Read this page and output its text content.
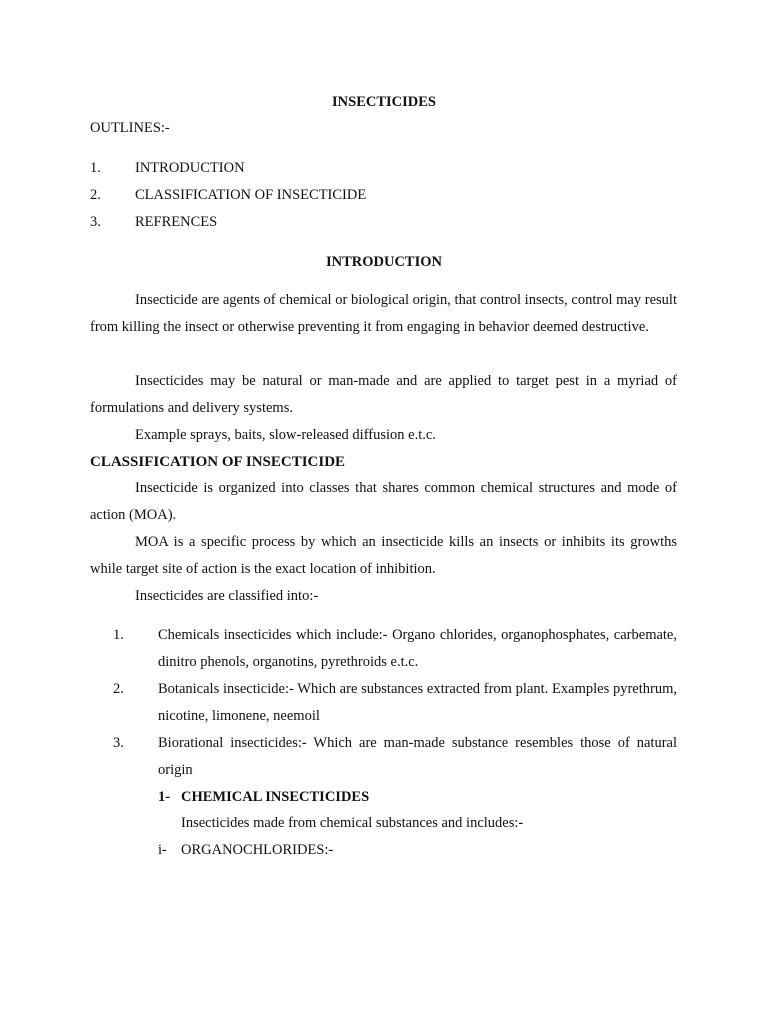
INSECTICIDES
OUTLINES:-
1. INTRODUCTION
2. CLASSIFICATION OF INSECTICIDE
3. REFRENCES
INTRODUCTION

Insecticide are agents of chemical or biological origin, that control insects, control may result from killing the insect or otherwise preventing it from engaging in behavior deemed destructive.

Insecticides may be natural or man-made and are applied to target pest in a myriad of formulations and delivery systems.

Example sprays, baits, slow-released diffusion e.t.c.

CLASSIFICATION OF INSECTICIDE

Insecticide is organized into classes that shares common chemical structures and mode of action (MOA).

MOA is a specific process by which an insecticide kills an insects or inhibits its growths while target site of action is the exact location of inhibition.

Insecticides are classified into:-

1. Chemicals insecticides which include:- Organo chlorides, organophosphates, carbemate, dinitro phenols, organotins, pyrethroids e.t.c.

2. Botanicals insecticide:- Which are substances extracted from plant. Examples pyrethrum, nicotine, limonene, neemoil

3. Biorational insecticides:- Which are man-made substance resembles those of natural origin

1- CHEMICAL INSECTICIDES
Insecticides made from chemical substances and includes:-
i- ORGANOCHLORIDES:-
